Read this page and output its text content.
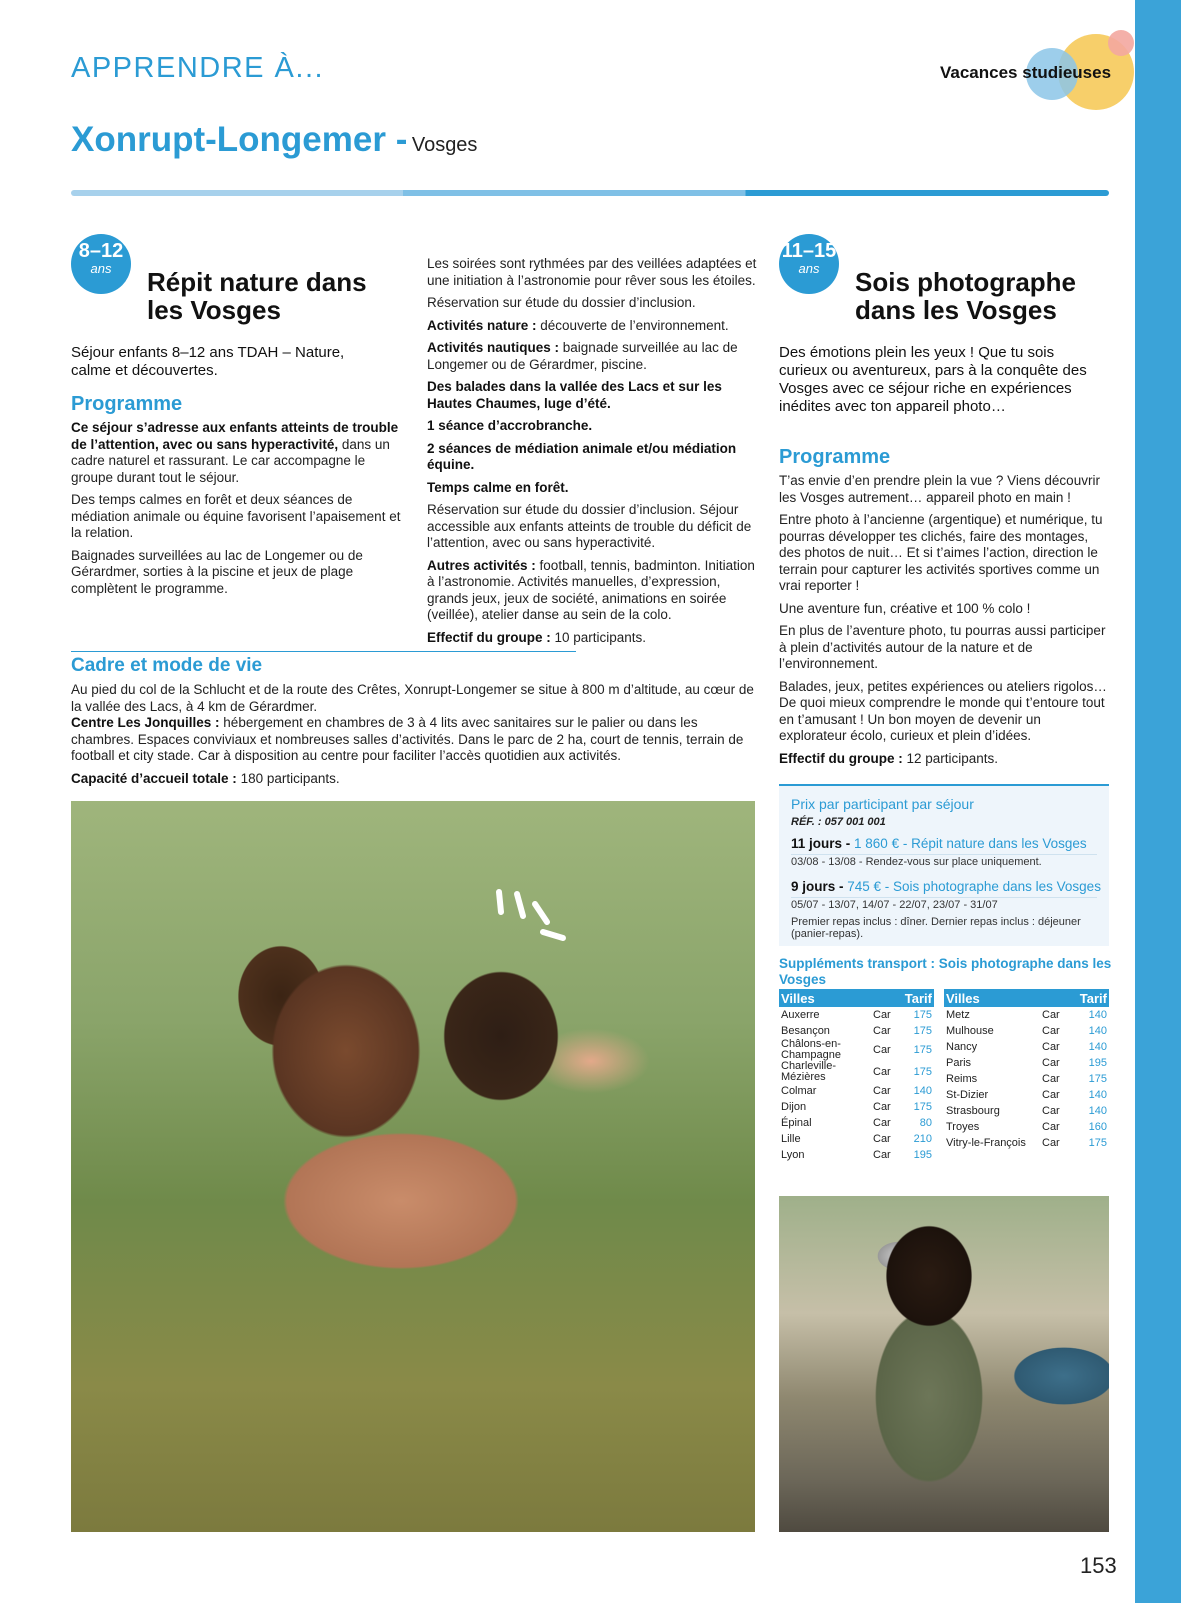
APPRENDRE À...	Vacances studieuses
Xonrupt-Longemer - Vosges
8–12
ans	Répit nature dans
les Vosges
Séjour enfants 8–12 ans TDAH – Nature, calme et découvertes.
Programme

Ce séjour s’adresse aux enfants atteints de trouble de l’attention, avec ou sans hyperactivité, dans un cadre naturel et rassurant. Le car accompagne le groupe durant tout le séjour.

Des temps calmes en forêt et deux séances de médiation animale ou équine favorisent l’apaisement et la relation.

Baignades surveillées au lac de Longemer ou de Gérardmer, sorties à la piscine et jeux de plage complètent le programme.

Les soirées sont rythmées par des veillées adaptées et une initiation à l’astronomie pour rêver sous les étoiles.

Réservation sur étude du dossier d’inclusion.

Activités nature : découverte de l’environnement.

Activités nautiques : baignade surveillée au lac de Longemer ou de Gérardmer, piscine.

Des balades dans la vallée des Lacs et sur les Hautes Chaumes, luge d’été.

1 séance d’accrobranche.

2 séances de médiation animale et/ou médiation équine.

Temps calme en forêt.

Réservation sur étude du dossier d’inclusion. Séjour accessible aux enfants atteints de trouble du déficit de l’attention, avec ou sans hyperactivité.

Autres activités : football, tennis, badminton. Initiation à l’astronomie. Activités manuelles, d’expression, grands jeux, jeux de société, animations en soirée (veillée), atelier danse au sein de la colo.

Effectif du groupe : 10 participants.

Cadre et mode de vie

Au pied du col de la Schlucht et de la route des Crêtes, Xonrupt-Longemer se situe à 800 m d’altitude, au cœur de la vallée des Lacs, à 4 km de Gérardmer.

Centre Les Jonquilles : hébergement en chambres de 3 à 4 lits avec sanitaires sur le palier ou dans les chambres. Espaces conviviaux et nombreuses salles d’activités. Dans le parc de 2 ha, court de tennis, terrain de football et city stade. Car à disposition au centre pour faciliter l’accès quotidien aux activités.

Capacité d’accueil totale : 180 participants.

11–15
ans	Sois photographe
dans les Vosges
Des émotions plein les yeux ! Que tu sois curieux ou aventureux, pars à la conquête des Vosges avec ce séjour riche en expériences inédites avec ton appareil photo…
Programme

T’as envie d’en prendre plein la vue ? Viens découvrir les Vosges autrement… appareil photo en main !

Entre photo à l’ancienne (argentique) et numérique, tu pourras développer tes clichés, faire des montages, des photos de nuit… Et si t’aimes l’action, direction le terrain pour capturer les activités sportives comme un vrai reporter !

Une aventure fun, créative et 100 % colo !

En plus de l’aventure photo, tu pourras aussi participer à plein d’activités autour de la nature et de l’environnement.

Balades, jeux, petites expériences ou ateliers rigolos… De quoi mieux comprendre le monde qui t’entoure tout en t’amusant ! Un bon moyen de devenir un explorateur écolo, curieux et plein d’idées.

Effectif du groupe : 12 participants.

Prix par participant par séjour
RÉF. : 057 001 001
11 jours - 1 860 € - Répit nature dans les Vosges
03/08 - 13/08 - Rendez-vous sur place uniquement.
9 jours - 745 € - Sois photographe dans les Vosges
05/07 - 13/07, 14/07 - 22/07, 23/07 - 31/07
Premier repas inclus : dîner. Dernier repas inclus : déjeuner (panier-repas).
Suppléments transport : Sois photographe dans les Vosges
Villes		Tarif
Auxerre	Car	175
Besançon	Car	175
Châlons-en-Champagne	Car	175
Charleville-Mézières	Car	175
Colmar	Car	140
Dijon	Car	175
Épinal	Car	80
Lille	Car	210
Lyon	Car	195
Villes		Tarif
Metz	Car	140
Mulhouse	Car	140
Nancy	Car	140
Paris	Car	195
Reims	Car	175
St-Dizier	Car	140
Strasbourg	Car	140
Troyes	Car	160
Vitry-le-François	Car	175
153
